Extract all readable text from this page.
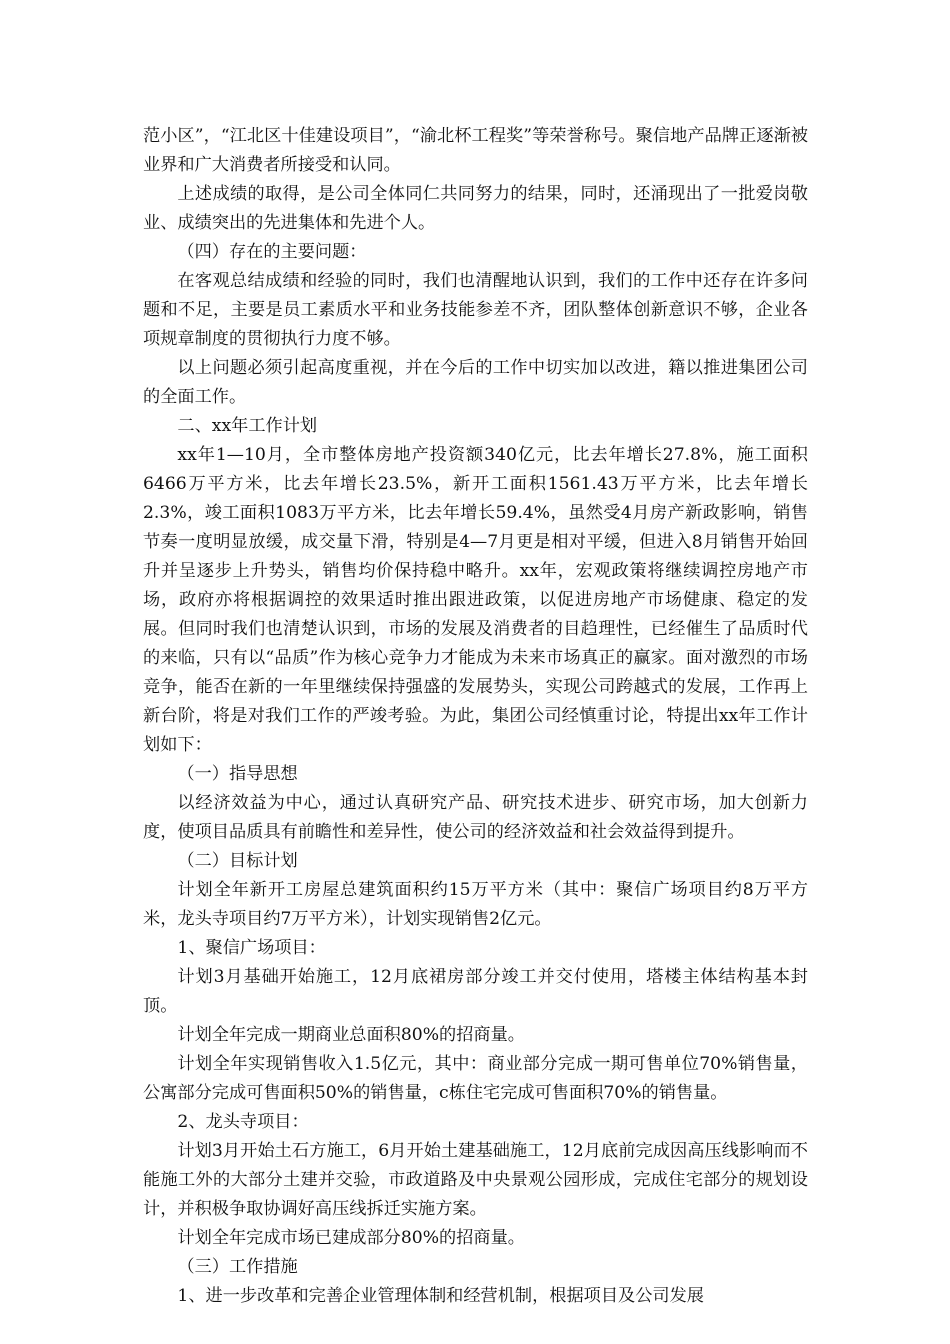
范小区”，“江北区十佳建设项目”，“渝北杯工程奖”等荣誉称号。聚信地产品牌正逐渐被业界和广大消费者所接受和认同。

上述成绩的取得，是公司全体同仁共同努力的结果，同时，还涌现出了一批爱岗敬业、成绩突出的先进集体和先进个人。

（四）存在的主要问题：

在客观总结成绩和经验的同时，我们也清醒地认识到，我们的工作中还存在许多问题和不足，主要是员工素质水平和业务技能参差不齐，团队整体创新意识不够，企业各项规章制度的贯彻执行力度不够。

以上问题必须引起高度重视，并在今后的工作中切实加以改进，籍以推进集团公司的全面工作。

二、xx年工作计划

xx年1—10月，全市整体房地产投资额340亿元，比去年增长27.8%，施工面积6466万平方米，比去年增长23.5%，新开工面积1561.43万平方米，比去年增长2.3%，竣工面积1083万平方米，比去年增长59.4%，虽然受4月房产新政影响，销售节奏一度明显放缓，成交量下滑，特别是4—7月更是相对平缓，但进入8月销售开始回升并呈逐步上升势头，销售均价保持稳中略升。xx年，宏观政策将继续调控房地产市场，政府亦将根据调控的效果适时推出跟进政策，以促进房地产市场健康、稳定的发展。但同时我们也清楚认识到，市场的发展及消费者的目趋理性，已经催生了品质时代的来临，只有以“品质”作为核心竞争力才能成为未来市场真正的赢家。面对激烈的市场竞争，能否在新的一年里继续保持强盛的发展势头，实现公司跨越式的发展，工作再上新台阶，将是对我们工作的严竣考验。为此，集团公司经慎重讨论，特提出xx年工作计划如下：

（一）指导思想

以经济效益为中心，通过认真研究产品、研究技术进步、研究市场，加大创新力度，使项目品质具有前瞻性和差异性，使公司的经济效益和社会效益得到提升。

（二）目标计划

计划全年新开工房屋总建筑面积约15万平方米（其中：聚信广场项目约8万平方米，龙头寺项目约7万平方米），计划实现销售2亿元。

1、聚信广场项目：

计划3月基础开始施工，12月底裙房部分竣工并交付使用，塔楼主体结构基本封顶。

计划全年完成一期商业总面积80%的招商量。

计划全年实现销售收入1.5亿元，其中：商业部分完成一期可售单位70%销售量，公寓部分完成可售面积50%的销售量，c栋住宅完成可售面积70%的销售量。

2、龙头寺项目：

计划3月开始土石方施工，6月开始土建基础施工，12月底前完成因高压线影响而不能施工外的大部分土建并交验，市政道路及中央景观公园形成，完成住宅部分的规划设计，并积极争取协调好高压线拆迁实施方案。

计划全年完成市场已建成部分80%的招商量。

（三）工作措施

1、进一步改革和完善企业管理体制和经营机制，根据项目及公司发展
